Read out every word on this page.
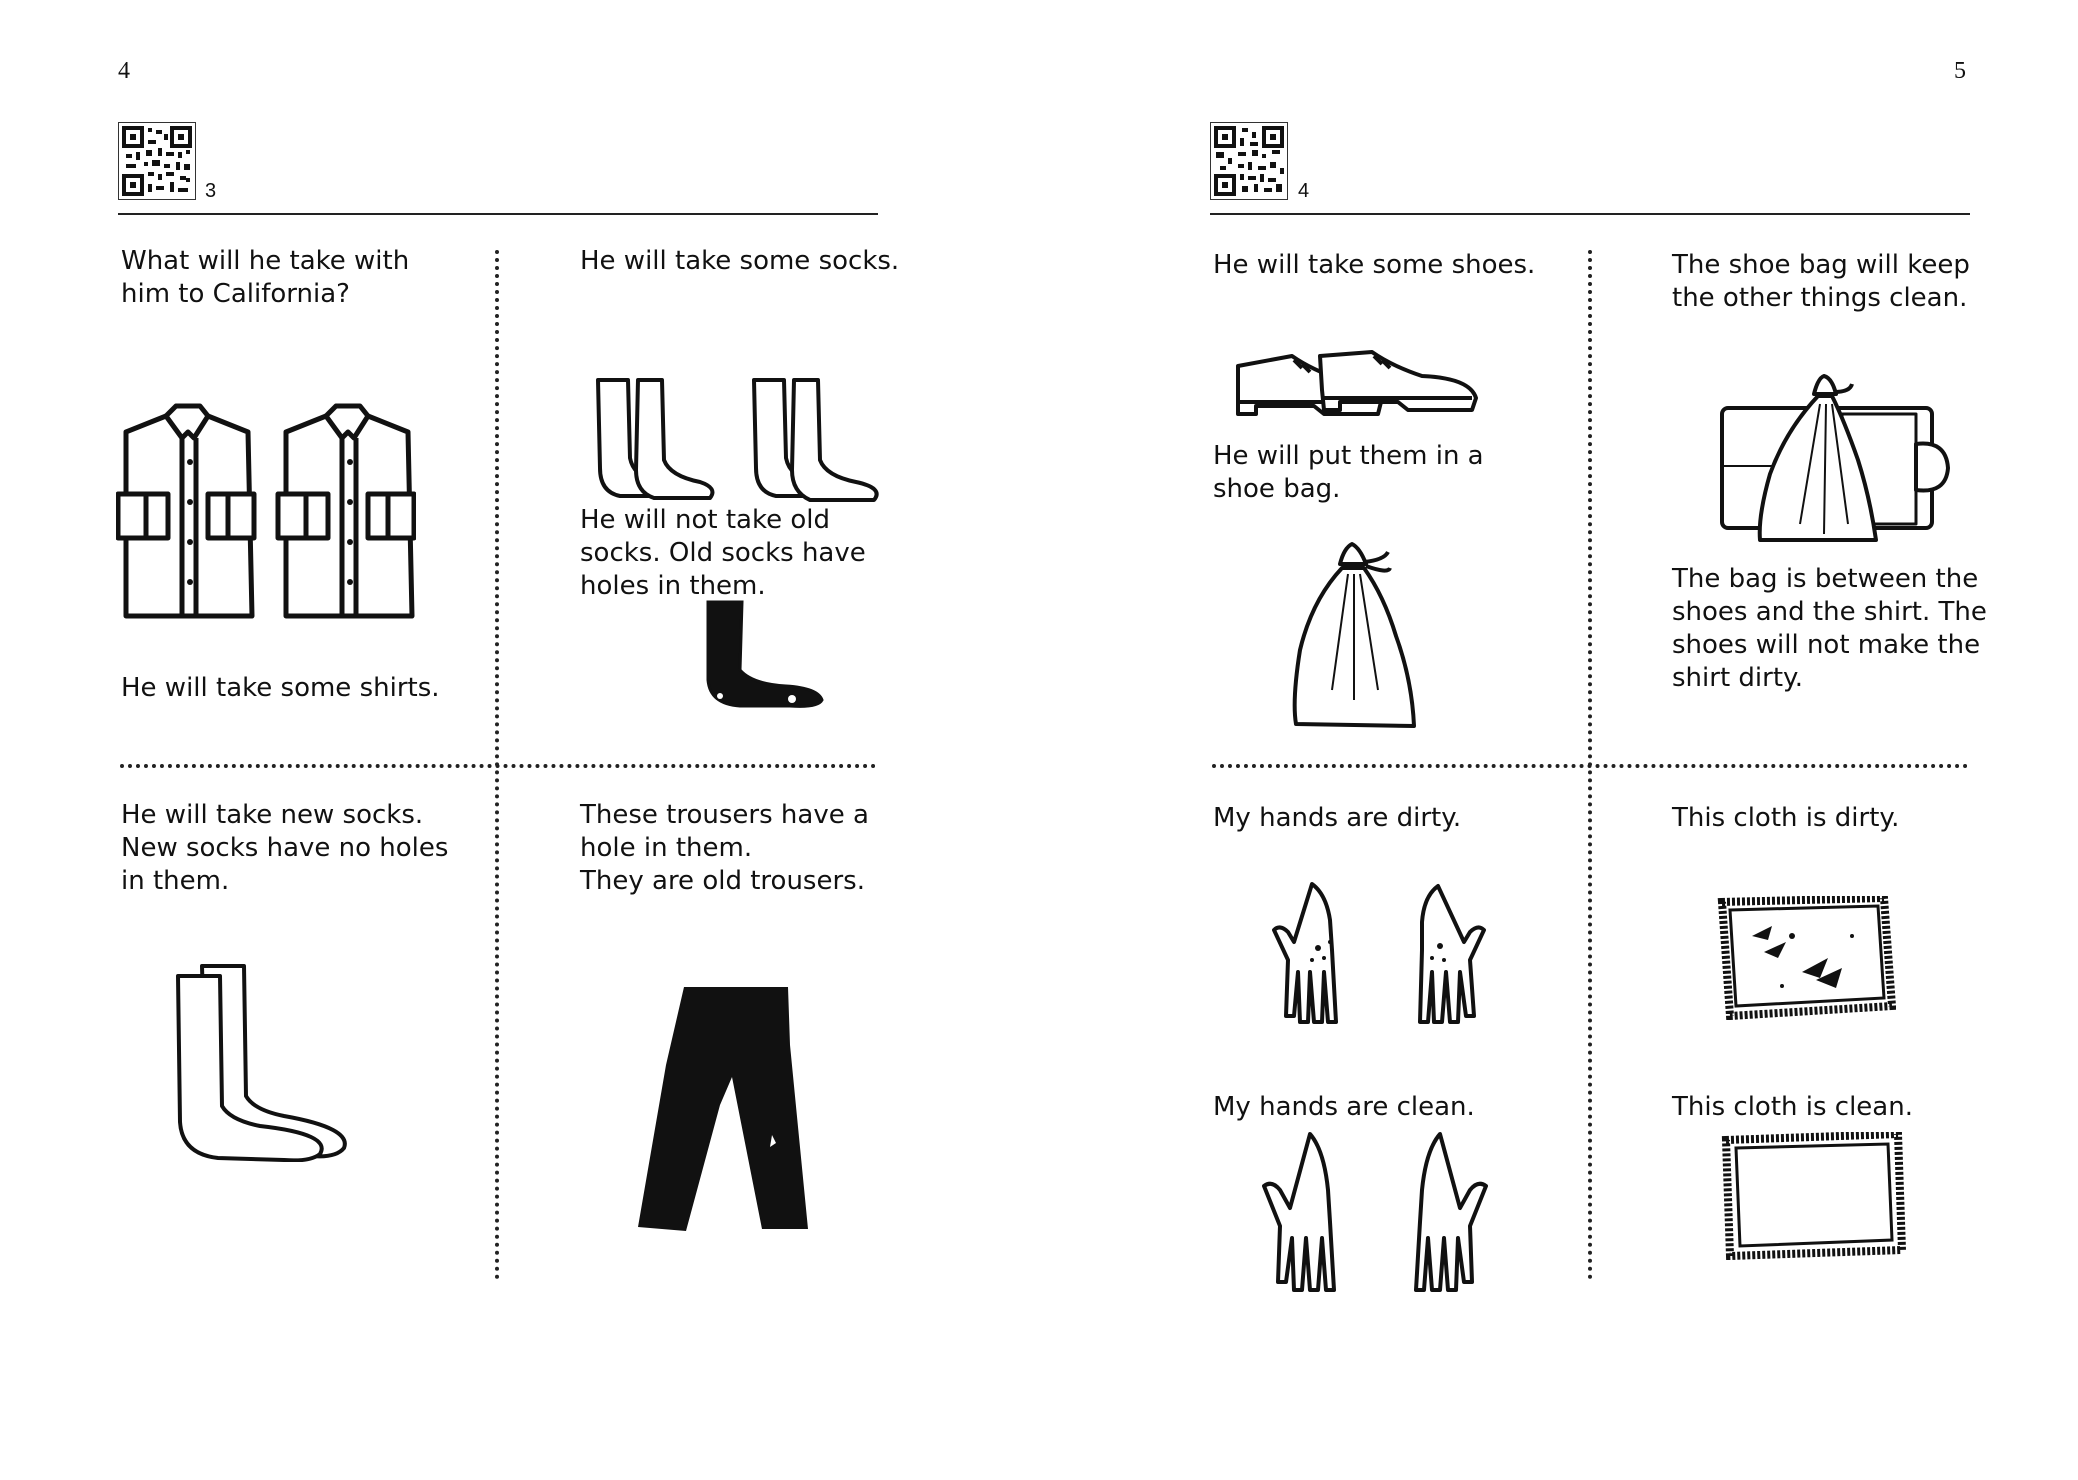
4
3
What will he take with
him to California?
He will take some shirts.
He will take some socks.
He will not take old
socks. Old socks have
holes in them.
He will take new socks.
New socks have no holes
in them.
These trousers have a
hole in them.
They are old trousers.
5
4
He will take some shoes.
He will put them in a
shoe bag.
The shoe bag will keep
the other things clean.
The bag is between the
shoes and the shirt. The
shoes will not make the
shirt dirty.
My hands are dirty.
My hands are clean.
This cloth is dirty.
This cloth is clean.
